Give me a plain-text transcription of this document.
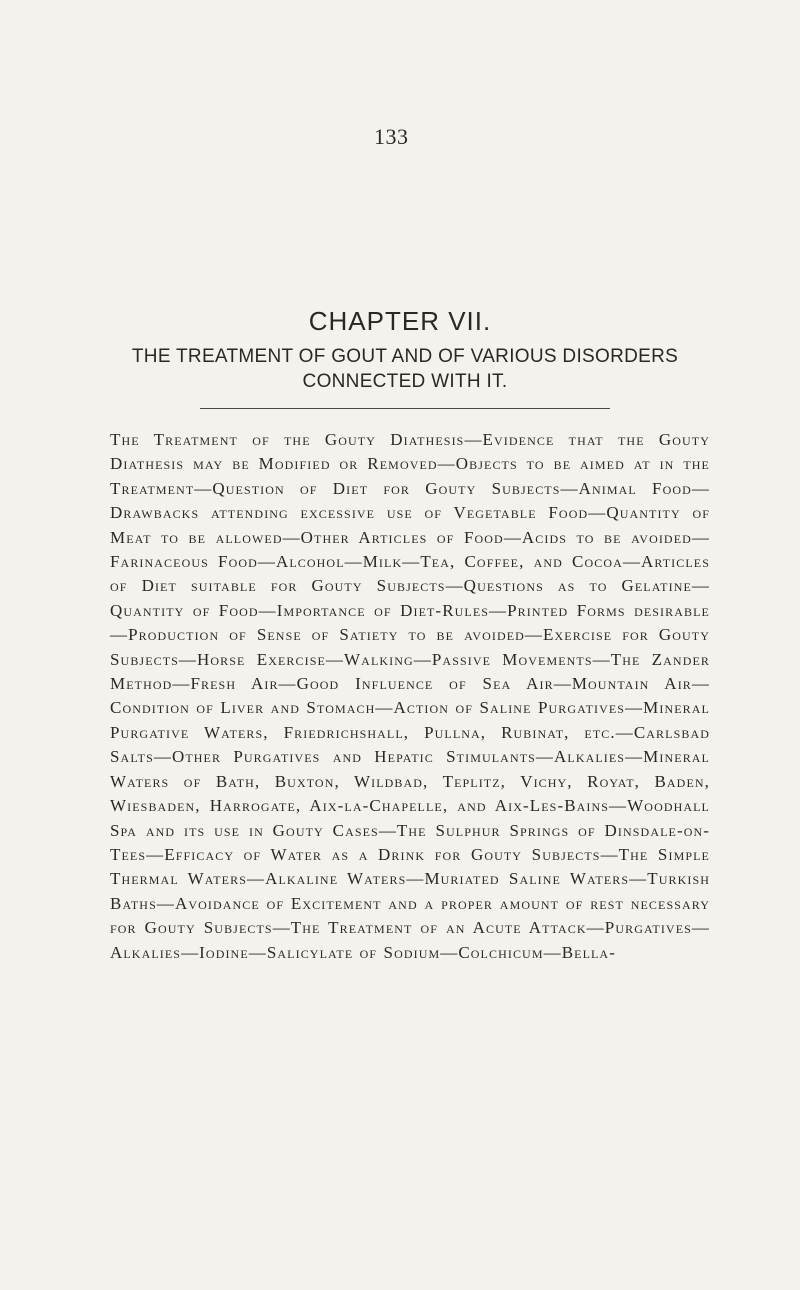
133
CHAPTER VII.
THE TREATMENT OF GOUT AND OF VARIOUS DISORDERS CONNECTED WITH IT.
The Treatment of the Gouty Diathesis—Evidence that the Gouty Diathesis may be Modified or Removed—Objects to be aimed at in the Treatment—Question of Diet for Gouty Subjects—Animal Food—Drawbacks attending excessive use of Vegetable Food—Quantity of Meat to be allowed—Other Articles of Food—Acids to be avoided—Farinaceous Food—Alcohol—Milk—Tea, Coffee, and Cocoa—Articles of Diet suitable for Gouty Subjects—Questions as to Gelatine—Quantity of Food—Importance of Diet-Rules—Printed Forms desirable—Production of Sense of Satiety to be avoided—Exercise for Gouty Subjects—Horse Exercise—Walking—Passive Movements—The Zander Method—Fresh Air—Good Influence of Sea Air—Mountain Air—Condition of Liver and Stomach—Action of Saline Purgatives—Mineral Purgative Waters, Friedrichshall, Pullna, Rubinat, etc.—Carlsbad Salts—Other Purgatives and Hepatic Stimulants—Alkalies—Mineral Waters of Bath, Buxton, Wildbad, Teplitz, Vichy, Royat, Baden, Wiesbaden, Harrogate, Aix-la-Chapelle, and Aix-Les-Bains—Woodhall Spa and its use in Gouty Cases—The Sulphur Springs of Dinsdale-on-Tees—Efficacy of Water as a Drink for Gouty Subjects—The Simple Thermal Waters—Alkaline Waters—Muriated Saline Waters—Turkish Baths—Avoidance of Excitement and a proper amount of rest necessary for Gouty Subjects—The Treatment of an Acute Attack—Purgatives—Alkalies—Iodine—Salicylate of Sodium—Colchicum—Bella-
